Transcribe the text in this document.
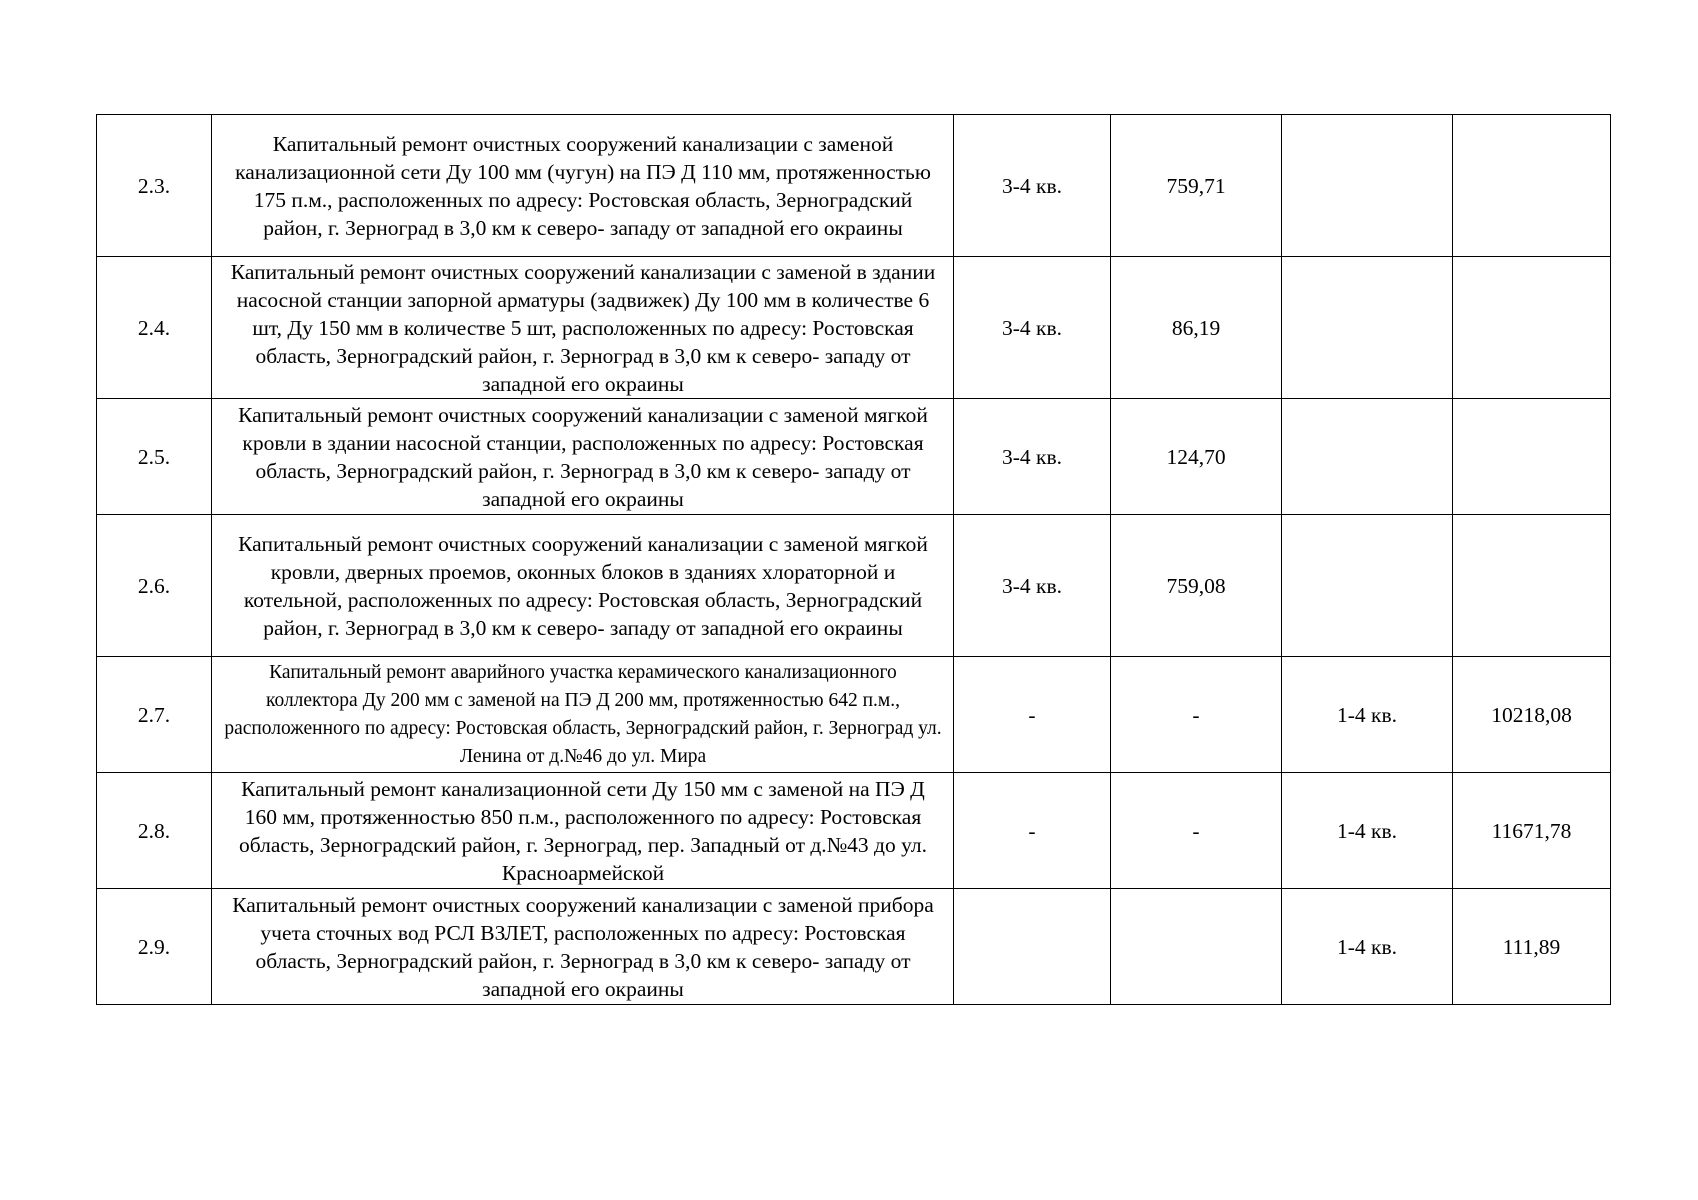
2.3.	Капитальный ремонт очистных сооружений канализации с заменой канализационной сети Ду 100 мм (чугун) на ПЭ Д 110 мм, протяженностью 175 п.м., расположенных по адресу: Ростовская область, Зерноградский район, г. Зерноград в 3,0 км к северо- западу от западной его окраины	3-4 кв.	759,71		
2.4.	Капитальный ремонт очистных сооружений канализации с заменой в здании насосной станции запорной арматуры (задвижек) Ду 100 мм в количестве 6 шт, Ду 150 мм в количестве 5 шт, расположенных по адресу: Ростовская область, Зерноградский район, г. Зерноград в 3,0 км к северо- западу от западной его окраины	3-4 кв.	86,19		
2.5.	Капитальный ремонт очистных сооружений канализации с заменой мягкой кровли в здании насосной станции, расположенных по адресу: Ростовская область, Зерноградский район, г. Зерноград в 3,0 км к северо- западу от западной его окраины	3-4 кв.	124,70		
2.6.	Капитальный ремонт очистных сооружений канализации с заменой мягкой кровли, дверных проемов, оконных блоков в зданиях хлораторной и котельной, расположенных по адресу: Ростовская область, Зерноградский район, г. Зерноград в 3,0 км к северо- западу от западной его окраины	3-4 кв.	759,08		
2.7.	Капитальный ремонт аварийного участка керамического канализационного коллектора Ду 200 мм с заменой на ПЭ Д 200 мм, протяженностью 642 п.м., расположенного по адресу: Ростовская область, Зерноградский район, г. Зерноград ул. Ленина от д.№46 до ул. Мира	-	-	1-4 кв.	10218,08
2.8.	Капитальный ремонт канализационной сети Ду 150 мм с заменой на ПЭ Д 160 мм, протяженностью 850 п.м., расположенного по адресу: Ростовская область, Зерноградский район, г. Зерноград, пер. Западный от д.№43 до ул. Красноармейской	-	-	1-4 кв.	11671,78
2.9.	Капитальный ремонт очистных сооружений канализации с заменой прибора учета сточных вод РСЛ ВЗЛЕТ, расположенных по адресу: Ростовская область, Зерноградский район, г. Зерноград в 3,0 км к северо- западу от западной его окраины			1-4 кв.	111,89
